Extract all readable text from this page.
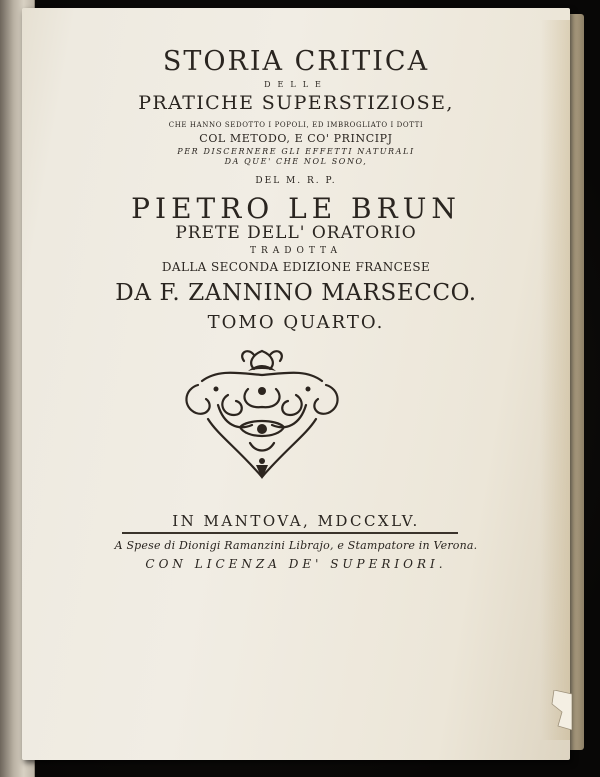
STORIA CRITICA

DELLE

PRATICHE SUPERSTIZIOSE,

CHE HANNO SEDOTTO I POPOLI, ED IMBROGLIATO I DOTTI

COL METODO, E CO' PRINCIPJ

PER DISCERNERE GLI EFFETTI NATURALI
DA QUE' CHE NOL SONO,

DEL M. R. P.

PIETRO LE BRUN

PRETE DELL' ORATORIO

TRADOTTA

DALLA SECONDA EDIZIONE FRANCESE

DA F. ZANNINO MARSECCO.

TOMO QUARTO.

IN MANTOVA, MDCCXLV.

A Spese di Dionigi Ramanzini Librajo, e Stampatore in Verona.

CON LICENZA DE' SUPERIORI.
